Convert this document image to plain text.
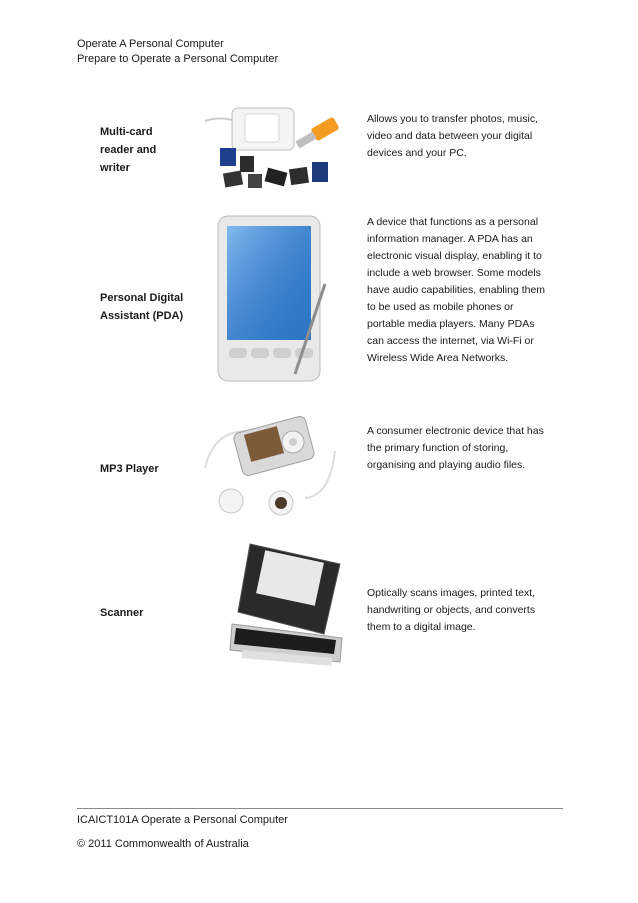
Operate A Personal Computer
Prepare to Operate a Personal Computer
Multi-card reader and writer
Allows you to transfer photos, music, video and data between your digital devices and your PC.
Personal Digital Assistant (PDA)
A device that functions as a personal information manager. A PDA has an electronic visual display, enabling it to include a web browser. Some models have audio capabilities, enabling them to be used as mobile phones or portable media players. Many PDAs can access the internet, via Wi-Fi or Wireless Wide Area Networks.
MP3 Player
A consumer electronic device that has the primary function of storing, organising and playing audio files.
Scanner
Optically scans images, printed text, handwriting or objects, and converts them to a digital image.
ICAICT101A Operate a Personal Computer
© 2011 Commonwealth of Australia
